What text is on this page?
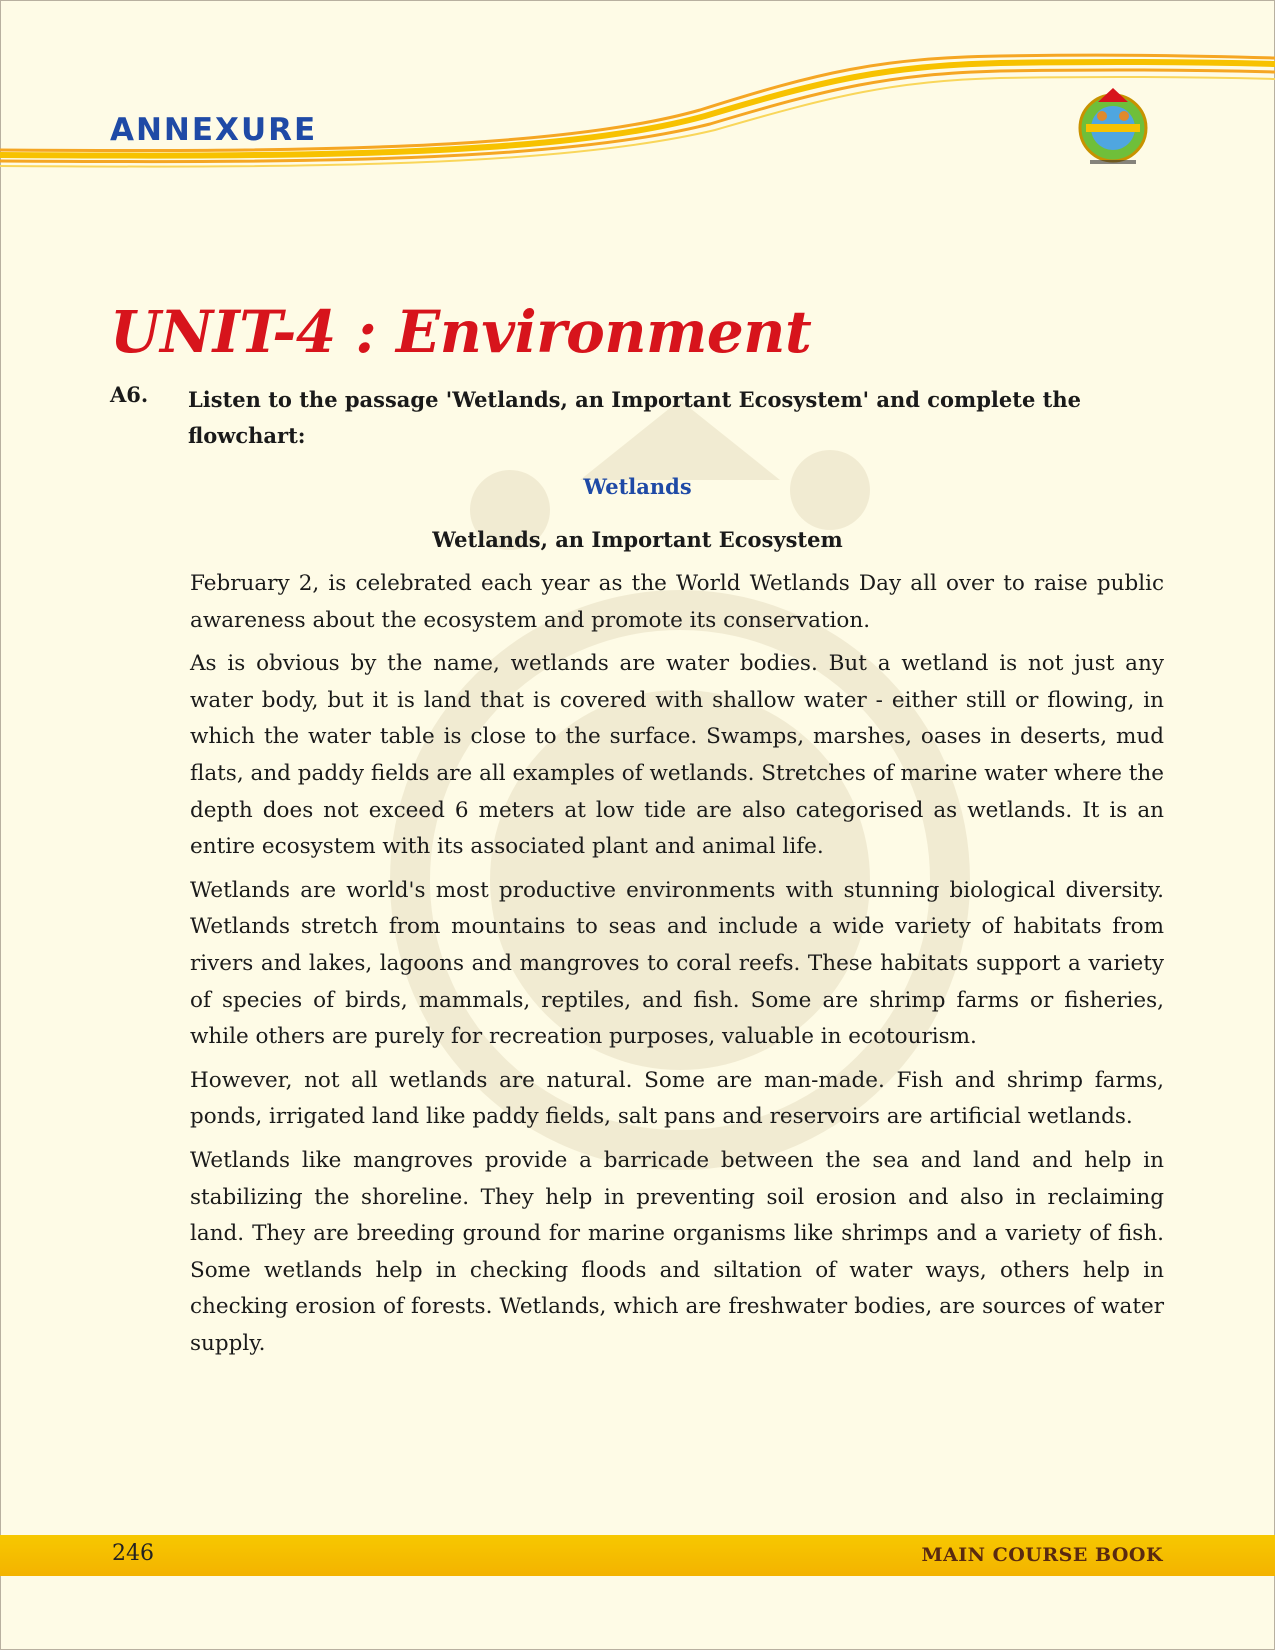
ANNEXURE
UNIT-4 : Environment
A6. Listen to the passage 'Wetlands, an Important Ecosystem' and complete the flowchart:
Wetlands
Wetlands, an Important Ecosystem

February 2, is celebrated each year as the World Wetlands Day all over to raise public awareness about the ecosystem and promote its conservation.

As is obvious by the name, wetlands are water bodies. But a wetland is not just any water body, but it is land that is covered with shallow water - either still or flowing, in which the water table is close to the surface. Swamps, marshes, oases in deserts, mud flats, and paddy fields are all examples of wetlands. Stretches of marine water where the depth does not exceed 6 meters at low tide are also categorised as wetlands. It is an entire ecosystem with its associated plant and animal life.

Wetlands are world's most productive environments with stunning biological diversity. Wetlands stretch from mountains to seas and include a wide variety of habitats from rivers and lakes, lagoons and mangroves to coral reefs. These habitats support a variety of species of birds, mammals, reptiles, and fish. Some are shrimp farms or fisheries, while others are purely for recreation purposes, valuable in ecotourism.

However, not all wetlands are natural. Some are man-made. Fish and shrimp farms, ponds, irrigated land like paddy fields, salt pans and reservoirs are artificial wetlands.

Wetlands like mangroves provide a barricade between the sea and land and help in stabilizing the shoreline. They help in preventing soil erosion and also in reclaiming land. They are breeding ground for marine organisms like shrimps and a variety of fish. Some wetlands help in checking floods and siltation of water ways, others help in checking erosion of forests. Wetlands, which are freshwater bodies, are sources of water supply.

246	MAIN COURSE BOOK
